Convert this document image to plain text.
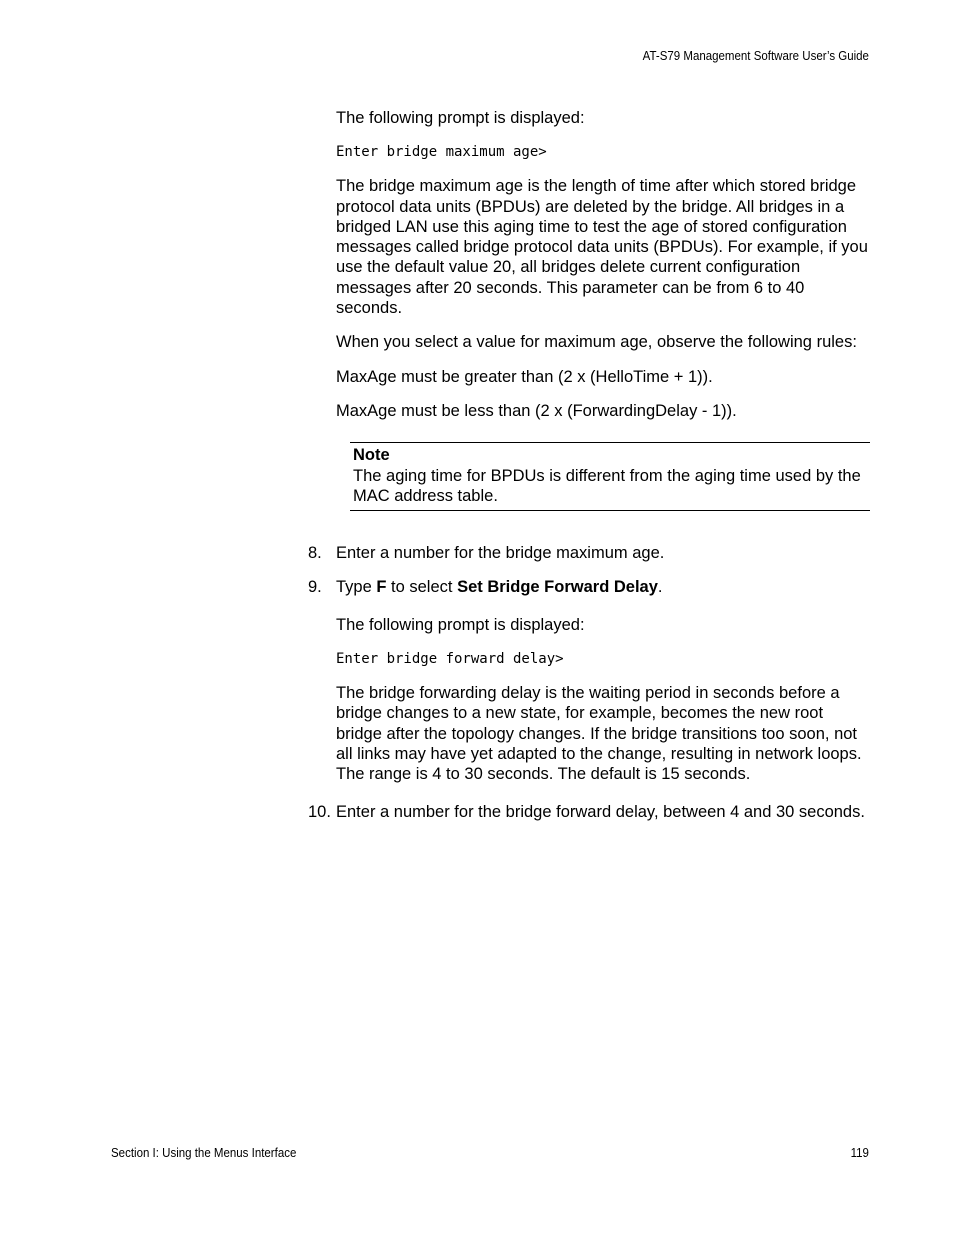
AT-S79 Management Software User’s Guide

The following prompt is displayed:

Enter bridge maximum age>

The bridge maximum age is the length of time after which stored bridge protocol data units (BPDUs) are deleted by the bridge. All bridges in a bridged LAN use this aging time to test the age of stored configuration messages called bridge protocol data units (BPDUs). For example, if you use the default value 20, all bridges delete current configuration messages after 20 seconds. This parameter can be from 6 to 40 seconds.

When you select a value for maximum age, observe the following rules:

MaxAge must be greater than (2 x (HelloTime + 1)).

MaxAge must be less than (2 x (ForwardingDelay - 1)).

Note
The aging time for BPDUs is different from the aging time used by the MAC address table.
8. Enter a number for the bridge maximum age.
9. Type F to select Set Bridge Forward Delay.

The following prompt is displayed:

Enter bridge forward delay>

The bridge forwarding delay is the waiting period in seconds before a bridge changes to a new state, for example, becomes the new root bridge after the topology changes. If the bridge transitions too soon, not all links may have yet adapted to the change, resulting in network loops. The range is 4 to 30 seconds. The default is 15 seconds.

10. Enter a number for the bridge forward delay, between 4 and 30 seconds.
Section I: Using the Menus Interface	119
